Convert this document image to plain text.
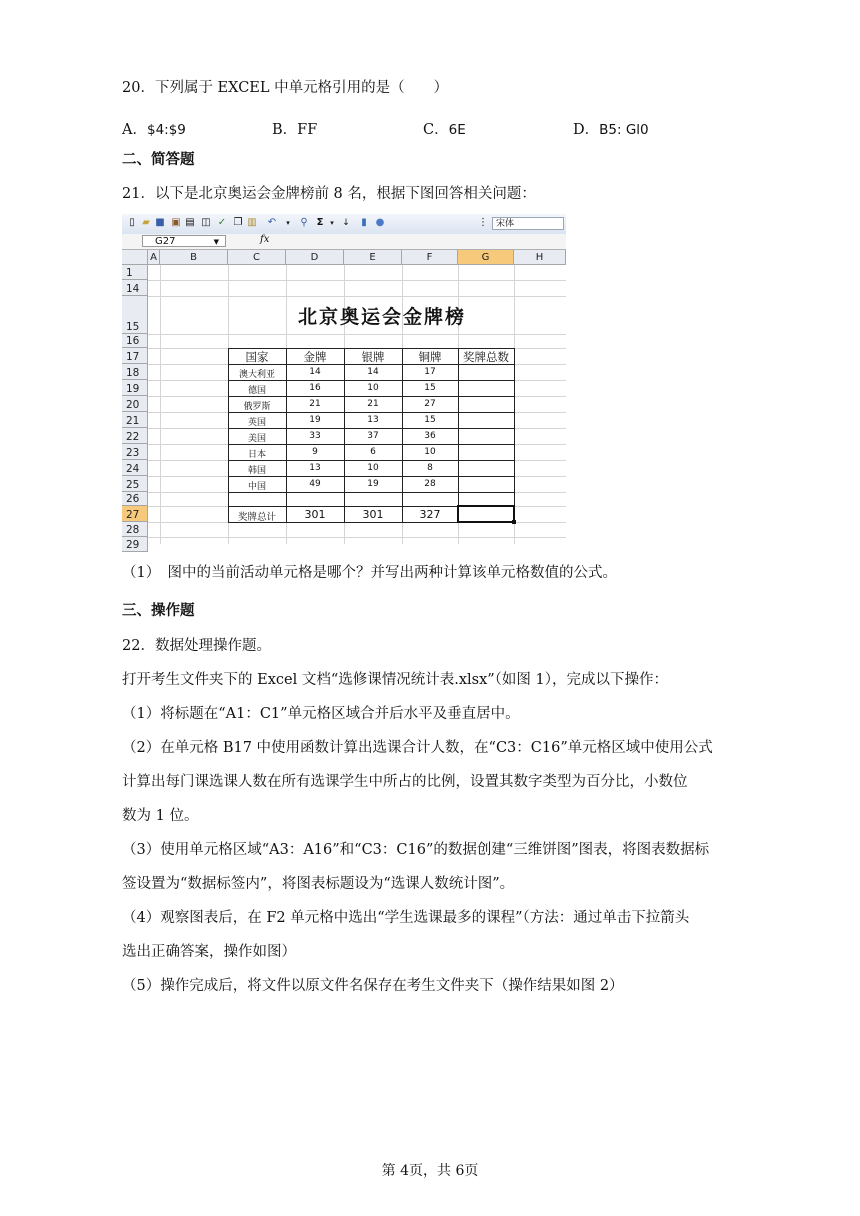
20．下列属于 EXCEL 中单元格引用的是（　　）
A．$4:$9	B．FF	C．6E	D．B5: Gl0
二、简答题
21．以下是北京奥运会金牌榜前 8 名，根据下图回答相关问题：
▯ ▰ ■ ▣ ▤ ◫ ✓ ❐ ▥ ↶	▾	⚲ Σ ▾ ↓	▮ ●	⋮ 宋体
G27	▼	fx
A	B	C	D	E	F	G	H
1
14
15
16
17
18
19
20
21
22
23
24
25
26
27
28
29
北京奥运会金牌榜
国家	金牌	银牌	铜牌	奖牌总数
澳大利亚	14	14	17
德国	16	10	15
俄罗斯	21	21	27
英国	19	13	15
美国	33	37	36
日本	9	6	10
韩国	13	10	8
中国	49	19	28
奖牌总计	301	301	327
（1）　图中的当前活动单元格是哪个？并写出两种计算该单元格数值的公式。
三、操作题
22．数据处理操作题。
打开考生文件夹下的 Excel 文档“选修课情况统计表.xlsx”（如图 1），完成以下操作：
（1）将标题在“A1：C1”单元格区域合并后水平及垂直居中。
（2）在单元格 B17 中使用函数计算出选课合计人数，在“C3：C16”单元格区域中使用公式
计算出每门课选课人数在所有选课学生中所占的比例，设置其数字类型为百分比，小数位
数为 1 位。
（3）使用单元格区域“A3：A16”和“C3：C16”的数据创建“三维饼图”图表，将图表数据标
签设置为“数据标签内”，将图表标题设为“选课人数统计图”。
（4）观察图表后，在 F2 单元格中选出“学生选课最多的课程”（方法：通过单击下拉箭头
选出正确答案，操作如图）
（5）操作完成后，将文件以原文件名保存在考生文件夹下（操作结果如图 2）
第 4页，共 6页
